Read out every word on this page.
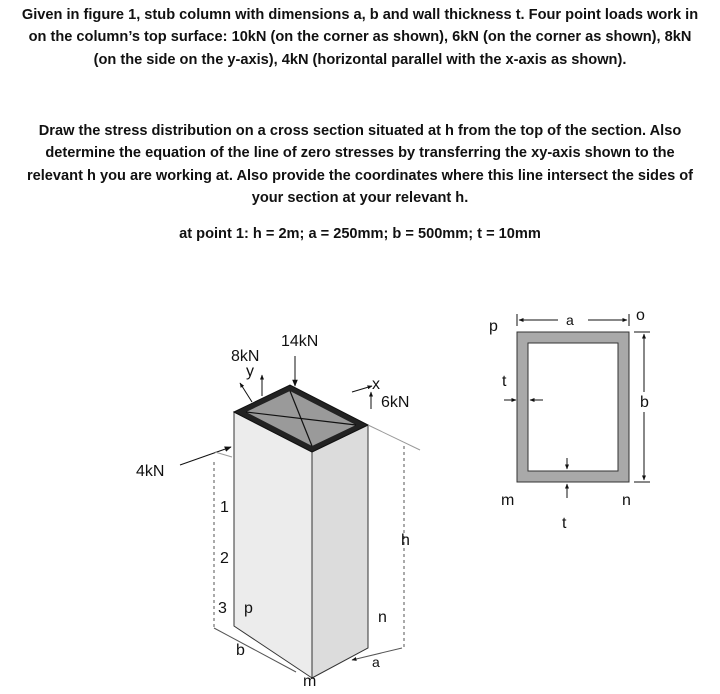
Given in figure 1, stub column with dimensions a, b and wall thickness t. Four point loads work in
on the column’s top surface: 10kN (on the corner as shown), 6kN (on the corner as shown), 8kN
(on the side on the y-axis), 4kN (horizontal parallel with the x-axis as shown).
Draw the stress distribution on a cross section situated at h from the top of the section. Also
determine the equation of the line of zero stresses by transferring the xy-axis shown to the
relevant h you are working at. Also provide the coordinates where this line intersect the sides of
your section at your relevant h.
at point 1: h = 2m; a = 250mm; b = 500mm; t = 10mm
y
x
14kN
8kN
6kN
4kN
1
2
3 p
b
m
h
n
a
p	a	o
t
b
m	n
t
